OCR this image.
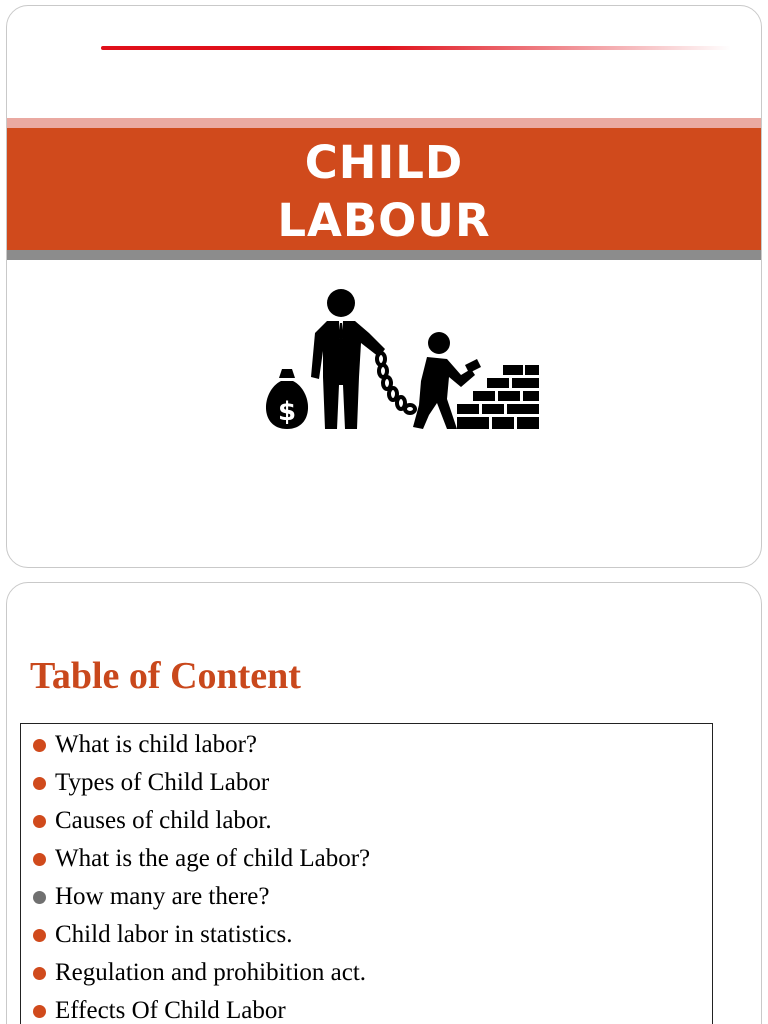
CHILD
LABOUR
$
Table of Content
What is child labor?
Types of Child Labor
Causes of child labor.
What is the age of child Labor?
How many are there?
Child labor in statistics.
Regulation and prohibition act.
Effects Of Child Labor
